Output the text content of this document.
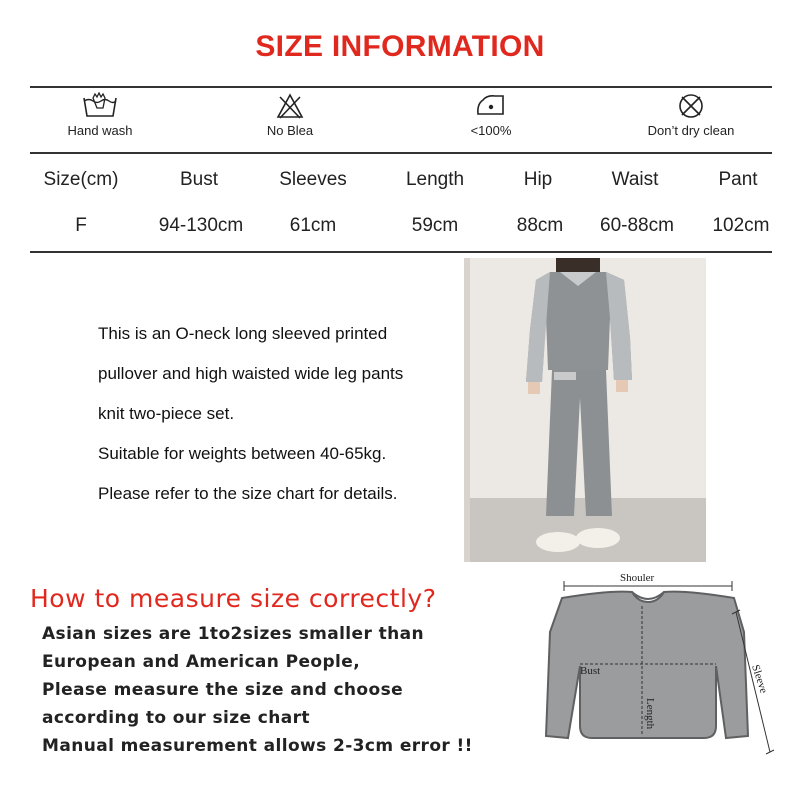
SIZE INFORMATION
Hand wash	No Blea	<100%	Don’t dry clean
Size(cm)	Bust	Sleeves	Length	Hip	Waist	Pant
F	94-130cm	61cm	59cm	88cm	60-88cm	102cm
This is an O-neck long sleeved printed
pullover and high waisted wide leg pants
knit two-piece set.
Suitable for weights between 40-65kg.
Please refer to the size chart for details.
How to measure size correctly?
Asian sizes are 1to2sizes smaller than
European and American People,
Please measure the size and choose
according to our size chart
Manual measurement allows 2-3cm error !!
Shouler
Bust
Length
Sleeve
